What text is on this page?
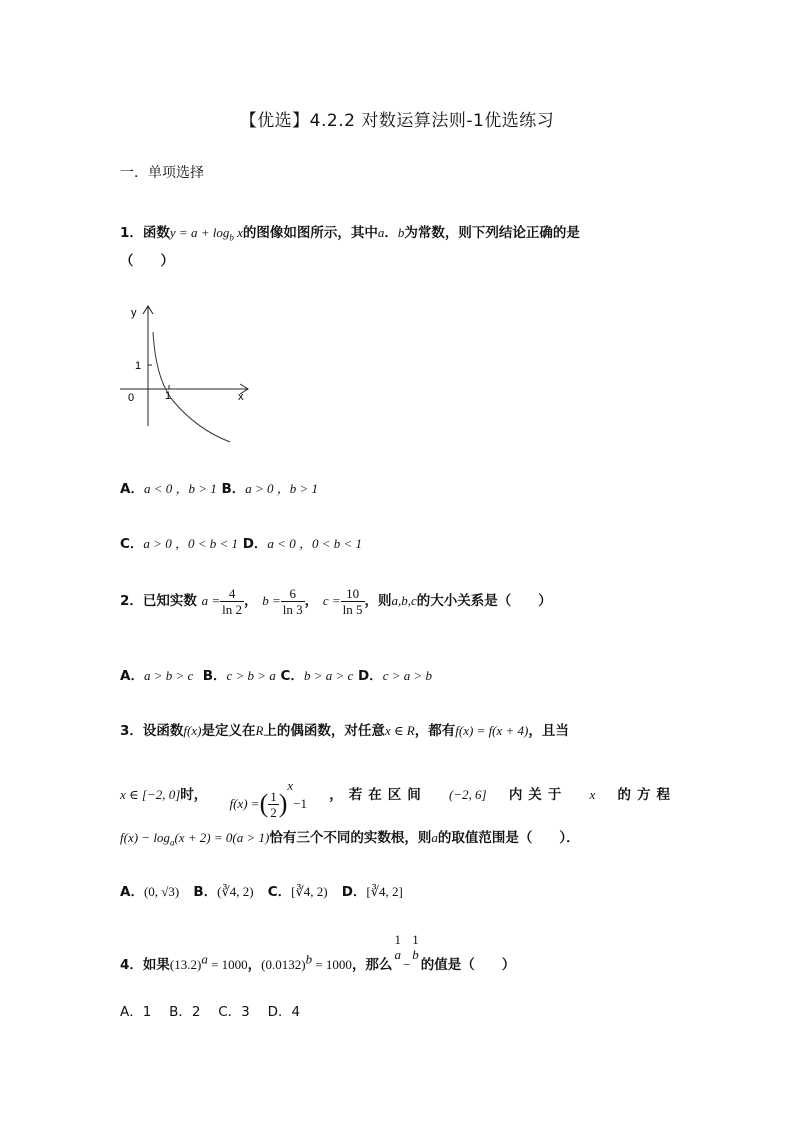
【优选】4.2.2 对数运算法则-1优选练习
一．单项选择
1．函数$y = a + \log_b x$的图像如图所示，其中a．b为常数，则下列结论正确的是
（　　）
y
x
0	1
1
A．a < 0 ，b > 1 B．a > 0 ，b > 1
C．a > 0 ，0 < b < 1 D．a < 0 ，0 < b < 1
2．已知实数 $a = \frac{4}{\ln 2}$ ， $b = \frac{6}{\ln 3}$ ， $c = \frac{10}{\ln 5}$ ，则a,b,c的大小关系是（　　）
A．a > b > c B．c > b > a C．b > a > c D．c > a > b
3．设函数f(x)是定义在R上的偶函数，对任意x ∈ R，都有f(x) = f(x + 4)，且当
x ∈ [−2, 0]时，
f(x) =( $\frac{1}{2} )^x-1$
，若在区间 (−2, 6] 内关于 x 的方程
$f(x) - \log_a(x + 2) = 0(a > 1)$恰有三个不同的实数根，则a的取值范围是（　　）．
A．(0, √3) B．(∛4, 2) C．[∛4, 2) D．[∛4, 2]
4．如果$(13.2)^a = 1000$，$(0.0132)^b = 1000$，那么
1
a
−
1
b
的值是（　　）
A．1　 B．2　 C．3　 D．4
